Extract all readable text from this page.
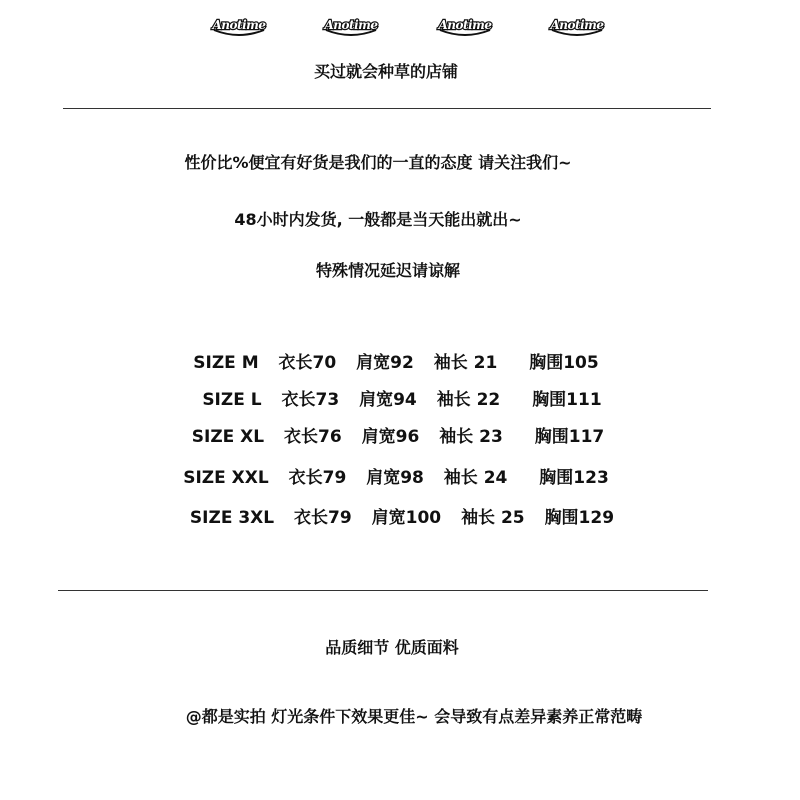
Anotime	Anotime	Anotime	Anotime
买过就会种草的店铺
性价比%便宜有好货是我们的一直的态度 请关注我们~
48小时内发货, 一般都是当天能出就出~
特殊情况延迟请谅解
SIZE M 衣长70 肩宽92 袖长 21 胸围105
SIZE L 衣长73 肩宽94 袖长 22 胸围111
SIZE XL 衣长76 肩宽96 袖长 23 胸围117
SIZE XXL 衣长79 肩宽98 袖长 24 胸围123
SIZE 3XL 衣长79 肩宽100 袖长 25 胸围129
品质细节 优质面料
@都是实拍 灯光条件下效果更佳~ 会导致有点差异素养正常范畴
